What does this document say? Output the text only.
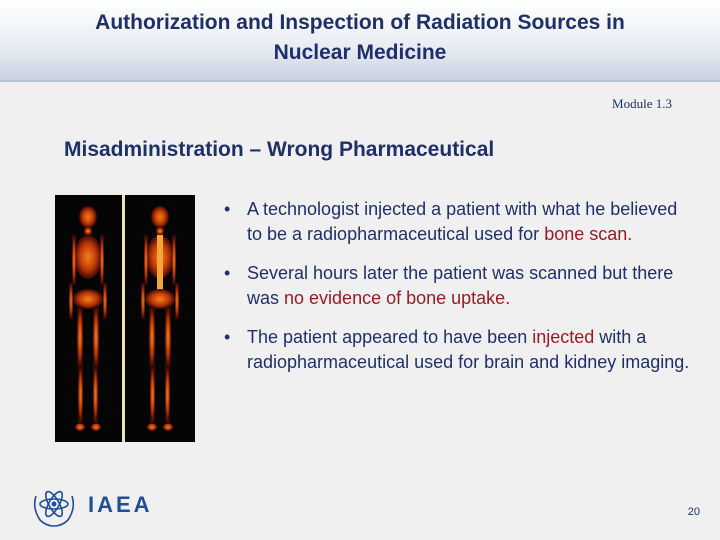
Authorization and Inspection of Radiation Sources in
Nuclear Medicine
Module 1.3
Misadministration – Wrong Pharmaceutical
• A technologist injected a patient with what he believed to be a radiopharmaceutical used for bone scan.
• Several hours later the patient was scanned but there was no evidence of bone uptake.
• The patient appeared to have been injected with a radiopharmaceutical used for brain and kidney imaging.
IAEA	20
